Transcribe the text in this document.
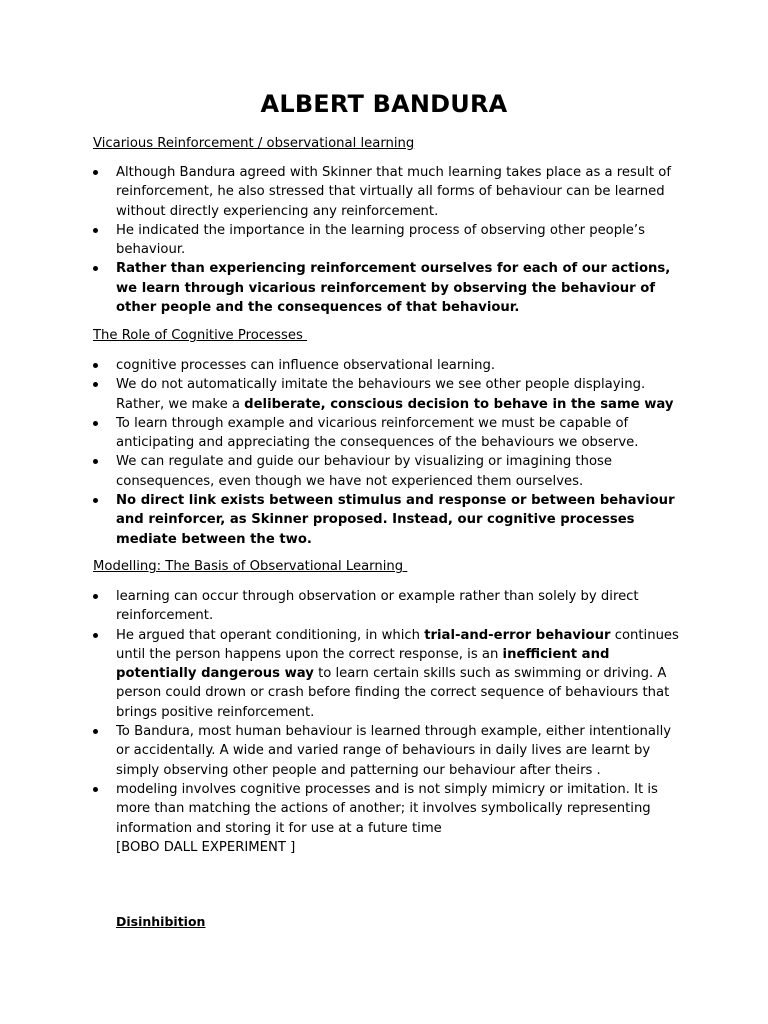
ALBERT BANDURA
Vicarious Reinforcement / observational learning
Although Bandura agreed with Skinner that much learning takes place as a result of reinforcement, he also stressed that virtually all forms of behaviour can be learned without directly experiencing any reinforcement.
He indicated the importance in the learning process of observing other people’s behaviour.
Rather than experiencing reinforcement ourselves for each of our actions, we learn through vicarious reinforcement by observing the behaviour of other people and the consequences of that behaviour.
The Role of Cognitive Processes
cognitive processes can influence observational learning.
We do not automatically imitate the behaviours we see other people displaying. Rather, we make a deliberate, conscious decision to behave in the same way
To learn through example and vicarious reinforcement we must be capable of anticipating and appreciating the consequences of the behaviours we observe.
We can regulate and guide our behaviour by visualizing or imagining those consequences, even though we have not experienced them ourselves.
No direct link exists between stimulus and response or between behaviour and reinforcer, as Skinner proposed. Instead, our cognitive processes mediate between the two.
Modelling: The Basis of Observational Learning
learning can occur through observation or example rather than solely by direct reinforcement.
He argued that operant conditioning, in which trial-and-error behaviour continues until the person happens upon the correct response, is an inefficient and potentially dangerous way to learn certain skills such as swimming or driving. A person could drown or crash before finding the correct sequence of behaviours that brings positive reinforcement.
To Bandura, most human behaviour is learned through example, either intentionally or accidentally. A wide and varied range of behaviours in daily lives are learnt by simply observing other people and patterning our behaviour after theirs .
modeling involves cognitive processes and is not simply mimicry or imitation. It is more than matching the actions of another; it involves symbolically representing information and storing it for use at a future time
[BOBO DALL EXPERIMENT ]
Disinhibition
